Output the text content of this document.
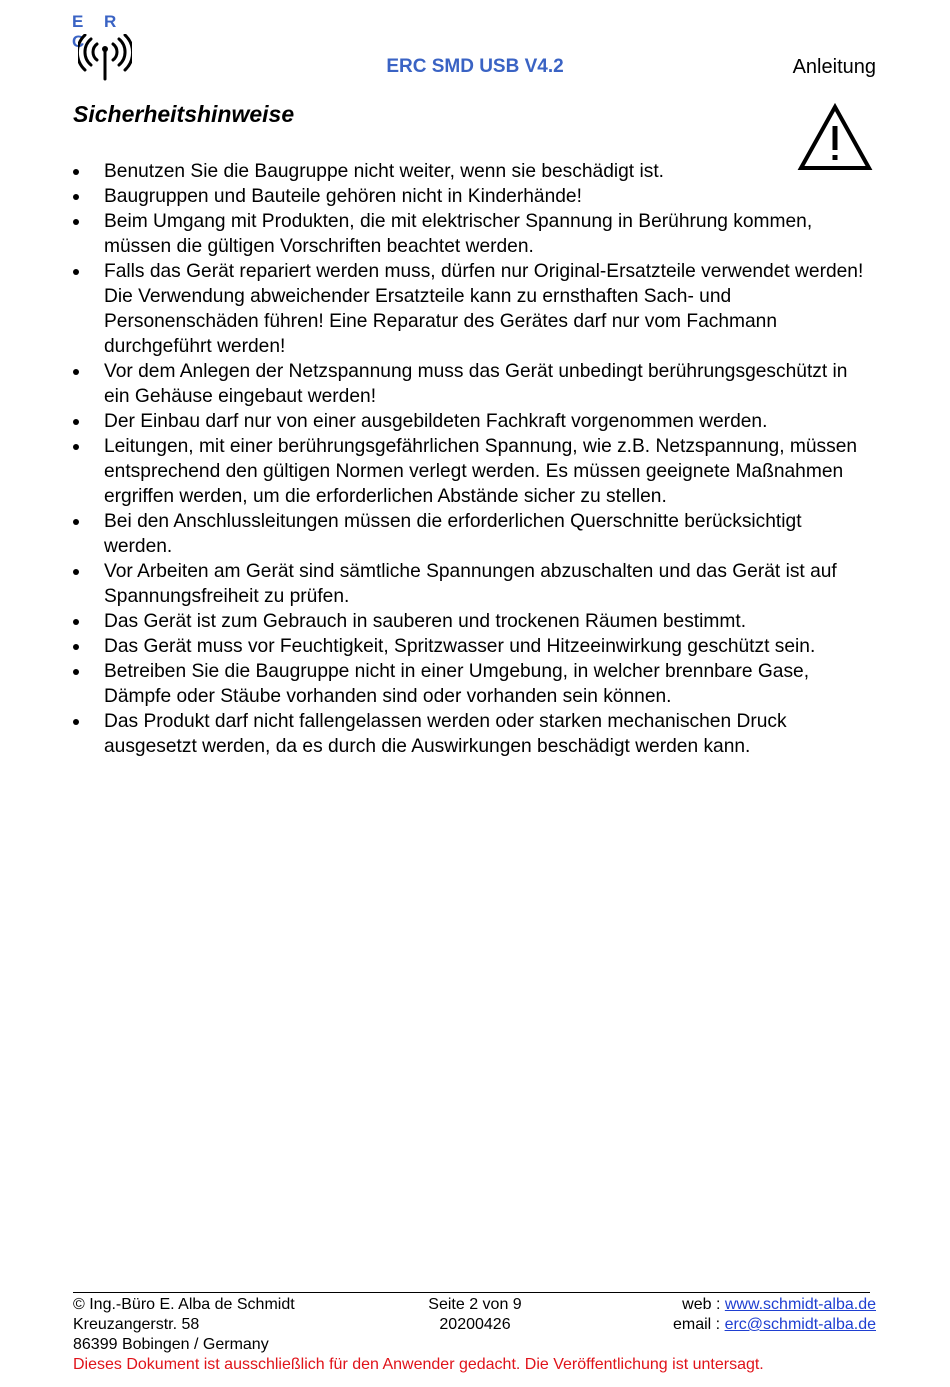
E R C
ERC SMD USB V4.2	Anleitung
Sicherheitshinweise
Benutzen Sie die Baugruppe nicht weiter, wenn sie beschädigt ist.
Baugruppen und Bauteile gehören nicht in Kinderhände!
Beim Umgang mit Produkten, die mit elektrischer Spannung in Berührung kommen, müssen die gültigen Vorschriften beachtet werden.
Falls das Gerät repariert werden muss, dürfen nur Original-Ersatzteile verwendet werden! Die Verwendung abweichender Ersatzteile kann zu ernsthaften Sach- und Personenschäden führen! Eine Reparatur des Gerätes darf nur vom Fachmann durchgeführt werden!
Vor dem Anlegen der Netzspannung muss das Gerät unbedingt berührungsgeschützt in ein Gehäuse eingebaut werden!
Der Einbau darf nur von einer ausgebildeten Fachkraft vorgenommen werden.
Leitungen, mit einer berührungsgefährlichen Spannung, wie z.B. Netzspannung, müssen entsprechend den gültigen Normen verlegt werden. Es müssen geeignete Maßnahmen ergriffen werden, um die erforderlichen Abstände sicher zu stellen.
Bei den Anschlussleitungen müssen die erforderlichen Querschnitte berücksichtigt werden.
Vor Arbeiten am Gerät sind sämtliche Spannungen abzuschalten und das Gerät ist auf Spannungsfreiheit zu prüfen.
Das Gerät ist zum Gebrauch in sauberen und trockenen Räumen bestimmt.
Das Gerät muss vor Feuchtigkeit, Spritzwasser und Hitzeeinwirkung geschützt sein.
Betreiben Sie die Baugruppe nicht in einer Umgebung, in welcher brennbare Gase, Dämpfe oder Stäube vorhanden sind oder vorhanden sein können.
Das Produkt darf nicht fallengelassen werden oder starken mechanischen Druck ausgesetzt werden, da es durch die Auswirkungen beschädigt werden kann.
© Ing.-Büro E. Alba de Schmidt
Kreuzangerstr. 58
86399 Bobingen / Germany
Seite 2 von 9
20200426
web : www.schmidt-alba.de
email : erc@schmidt-alba.de
Dieses Dokument ist ausschließlich für den Anwender gedacht. Die Veröffentlichung ist untersagt.
